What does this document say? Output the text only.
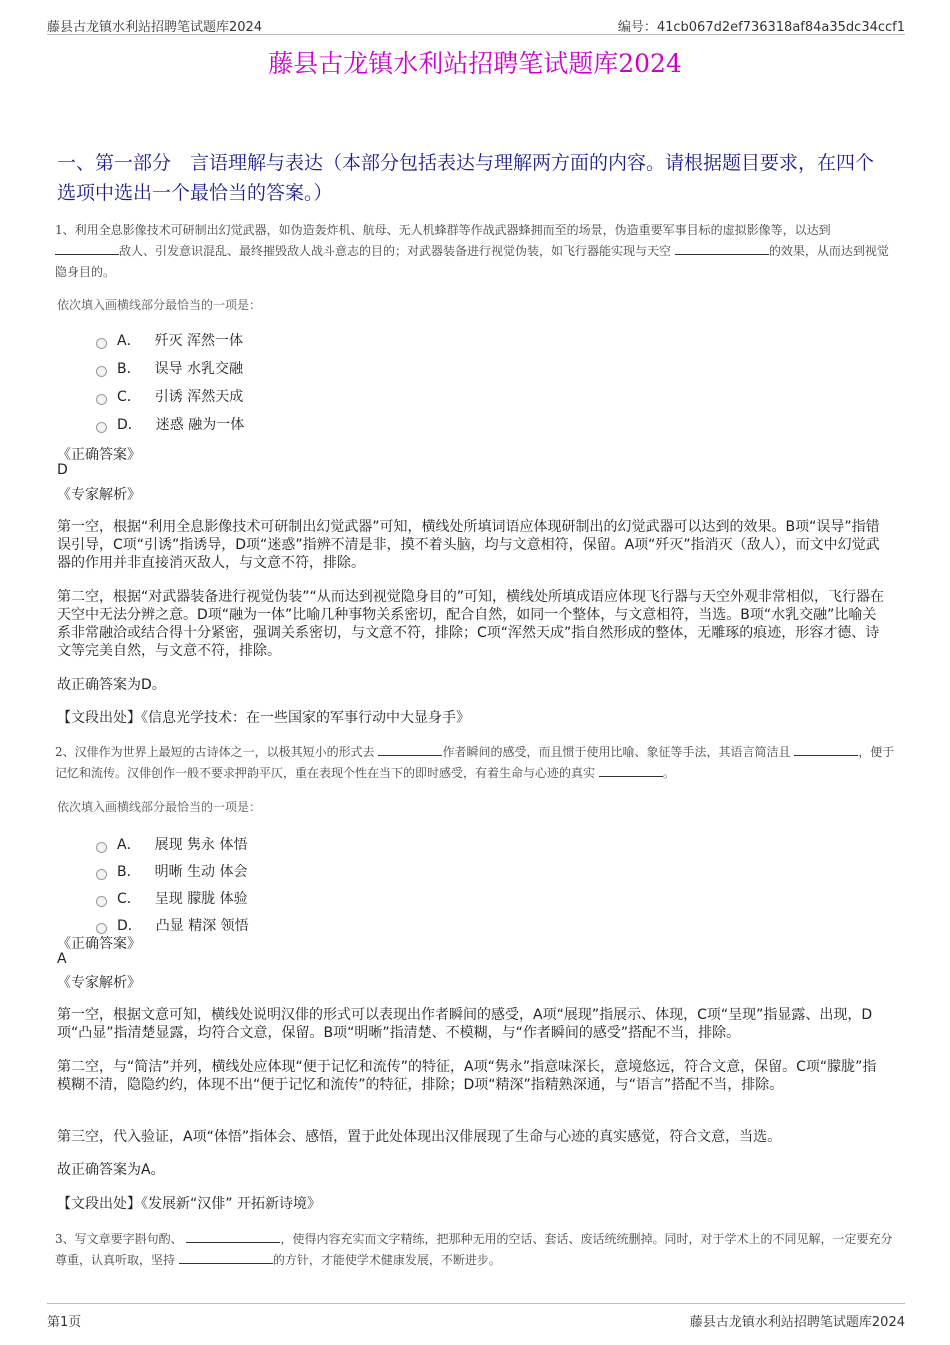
藤县古龙镇水利站招聘笔试题库2024	编号：41cb067d2ef736318af84a35dc34ccf1
藤县古龙镇水利站招聘笔试题库2024
一、第一部分　言语理解与表达（本部分包括表达与理解两方面的内容。请根据题目要求，在四个选项中选出一个最恰当的答案。）
1、利用全息影像技术可研制出幻觉武器，如伪造轰炸机、航母、无人机蜂群等作战武器蜂拥而至的场景，伪造重要军事目标的虚拟影像等，以达到 敌人、引发意识混乱、最终摧毁敌人战斗意志的目的；对武器装备进行视觉伪装，如飞行器能实现与天空	的效果，从而达到视觉隐身目的。
依次填入画横线部分最恰当的一项是：
A． 歼灭 浑然一体
B． 误导 水乳交融
C． 引诱 浑然天成
D． 迷惑 融为一体
《正确答案》
D
《专家解析》
第一空，根据“利用全息影像技术可研制出幻觉武器”可知，横线处所填词语应体现研制出的幻觉武器可以达到的效果。B项“误导”指错误引导，C项“引诱”指诱导，D项“迷惑”指辨不清是非，摸不着头脑，均与文意相符，保留。A项“歼灭”指消灭（敌人），而文中幻觉武器的作用并非直接消灭敌人，与文意不符，排除。
第二空，根据“对武器装备进行视觉伪装”“从而达到视觉隐身目的”可知，横线处所填成语应体现飞行器与天空外观非常相似，飞行器在天空中无法分辨之意。D项“融为一体”比喻几种事物关系密切，配合自然，如同一个整体，与文意相符，当选。B项“水乳交融”比喻关系非常融洽或结合得十分紧密，强调关系密切，与文意不符，排除；C项“浑然天成”指自然形成的整体，无雕琢的痕迹，形容才德、诗文等完美自然，与文意不符，排除。
故正确答案为D。
【文段出处】《信息光学技术：在一些国家的军事行动中大显身手》
2、汉俳作为世界上最短的古诗体之一，以极其短小的形式去	作者瞬间的感受，而且惯于使用比喻、象征等手法，其语言简洁且	，便于记忆和流传。汉俳创作一般不要求押韵平仄，重在表现个性在当下的即时感受，有着生命与心迹的真实	。
依次填入画横线部分最恰当的一项是：
A． 展现 隽永 体悟
B． 明晰 生动 体会
C． 呈现 朦胧 体验
D． 凸显 精深 领悟
《正确答案》
A
《专家解析》
第一空，根据文意可知，横线处说明汉俳的形式可以表现出作者瞬间的感受，A项“展现”指展示、体现，C项“呈现”指显露、出现，D项“凸显”指清楚显露，均符合文意，保留。B项“明晰”指清楚、不模糊，与“作者瞬间的感受”搭配不当，排除。
第二空，与“简洁”并列，横线处应体现“便于记忆和流传”的特征，A项“隽永”指意味深长，意境悠远，符合文意，保留。C项“朦胧”指模糊不清，隐隐约约，体现不出“便于记忆和流传”的特征，排除；D项“精深”指精熟深通，与“语言”搭配不当，排除。
第三空，代入验证，A项“体悟”指体会、感悟，置于此处体现出汉俳展现了生命与心迹的真实感觉，符合文意，当选。
故正确答案为A。
【文段出处】《发展新“汉俳” 开拓新诗境》
3、写文章要字斟句酌、	，使得内容充实而文字精练，把那种无用的空话、套话、废话统统删掉。同时，对于学术上的不同见解，一定要充分尊重，认真听取，坚持	的方针，才能使学术健康发展，不断进步。
第1页	藤县古龙镇水利站招聘笔试题库2024
